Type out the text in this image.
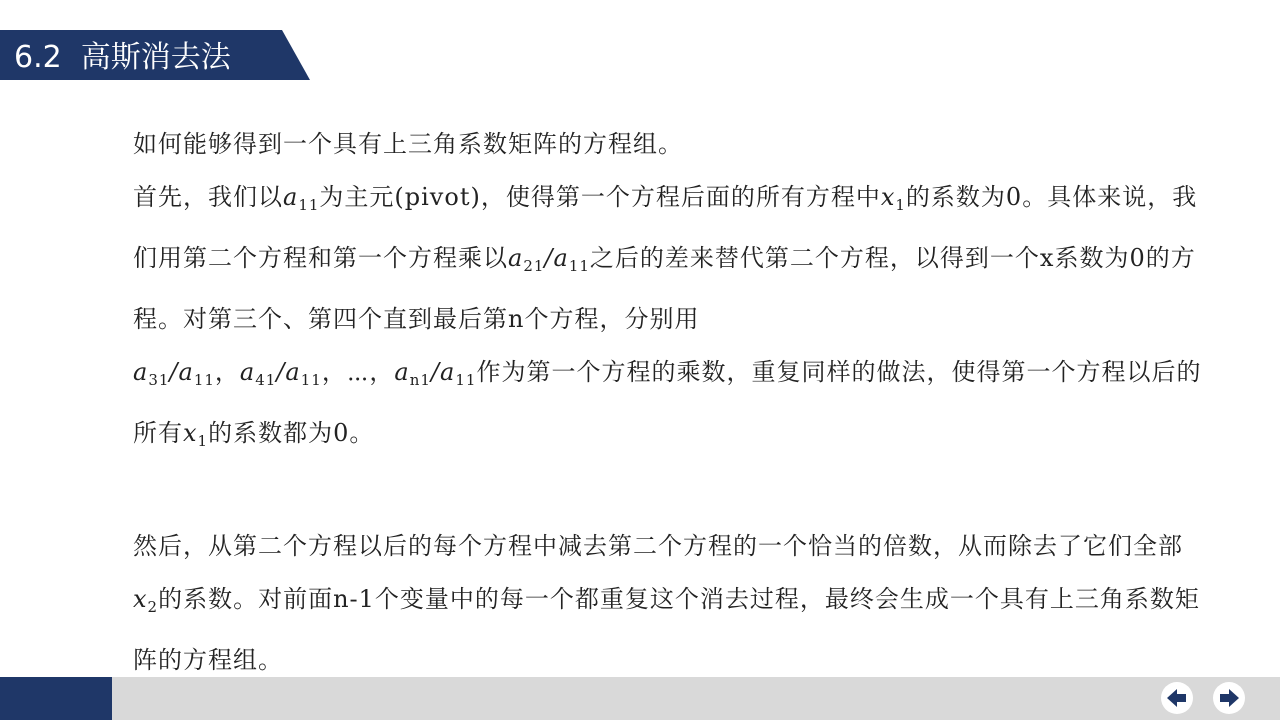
6.2 高斯消去法

如何能够得到一个具有上三角系数矩阵的方程组。
首先，我们以$a_{11}$为主元(pivot)，使得第一个方程后面的所有方程中$x_1$的系数为0。具体来说，我们用第二个方程和第一个方程乘以$a_{21}/a_{11}$之后的差来替代第二个方程，以得到一个x系数为0的方程。对第三个、第四个直到最后第n个方程，分别用
$a_{31}/a_{11}$，$a_{41}/a_{11}$，⋯，$a_{n1}/a_{11}$作为第一个方程的乘数，重复同样的做法，使得第一个方程以后的所有$x_1$的系数都为0。

然后，从第二个方程以后的每个方程中减去第二个方程的一个恰当的倍数，从而除去了它们全部$x_2$的系数。对前面n-1个变量中的每一个都重复这个消去过程，最终会生成一个具有上三角系数矩阵的方程组。
